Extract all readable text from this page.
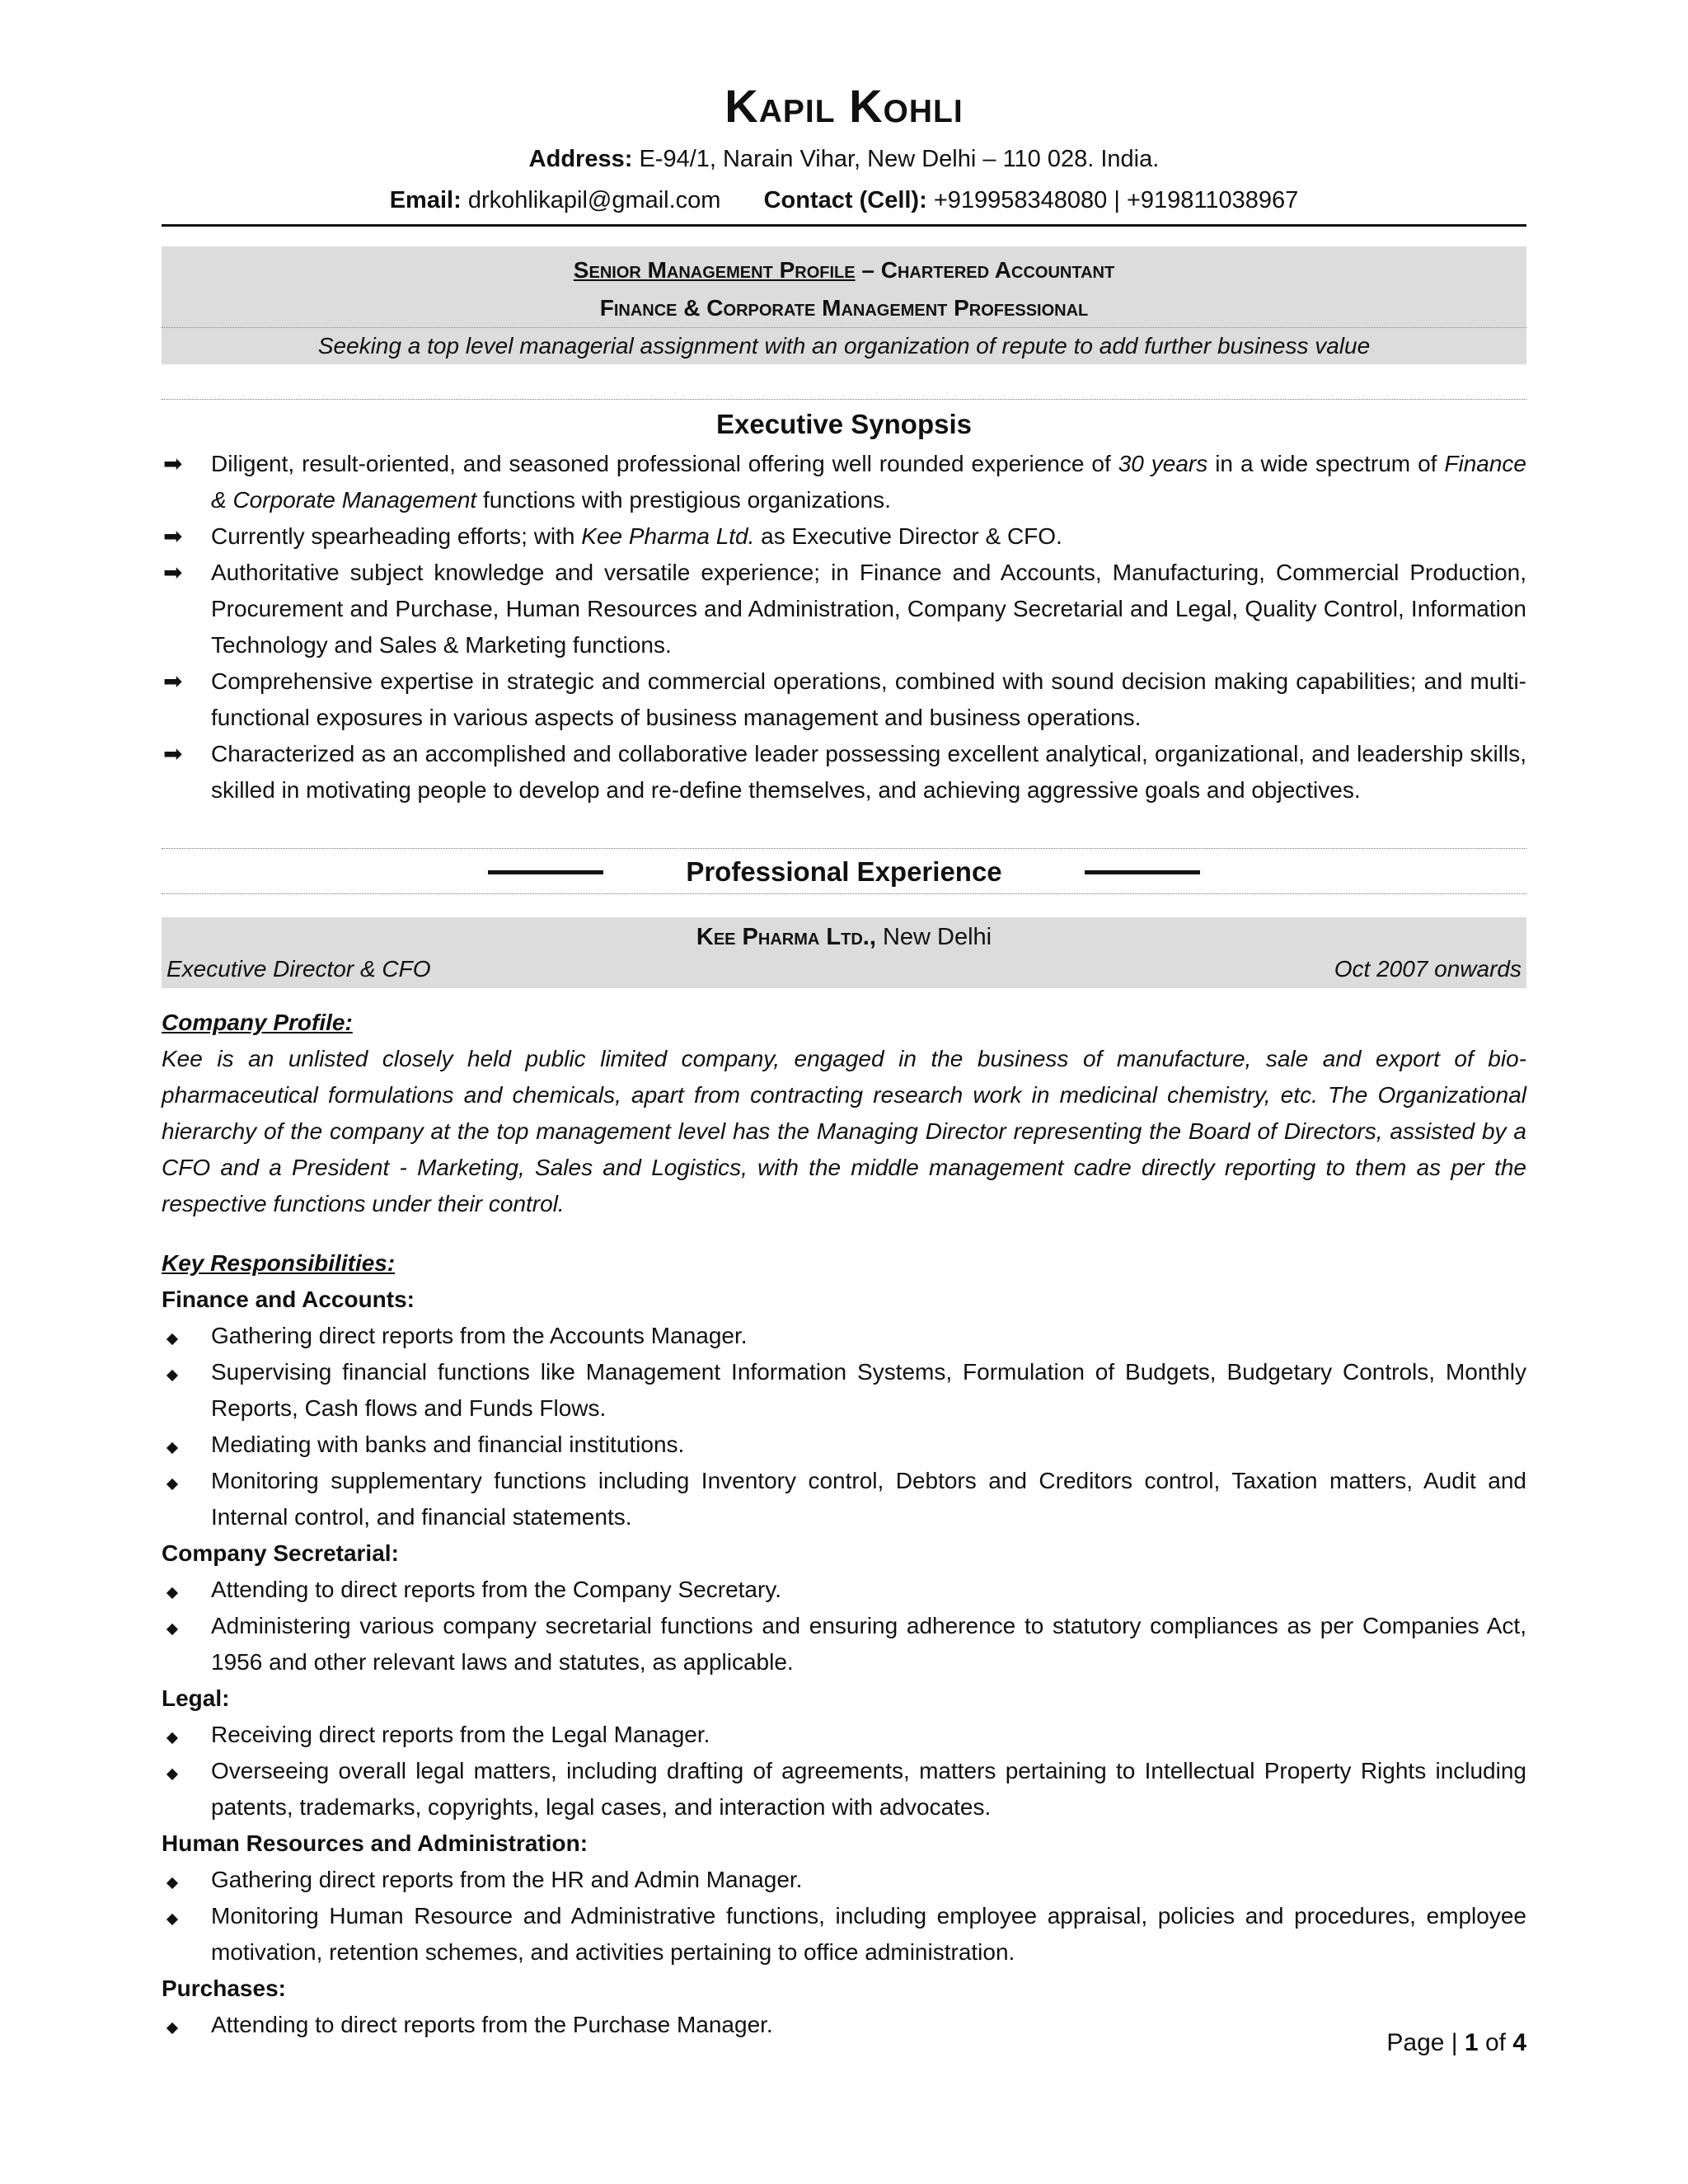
Kapil Kohli
Address: E-94/1, Narain Vihar, New Delhi – 110 028. India.
Email: drkohlikapil@gmail.com Contact (Cell): +919958348080 | +919811038967
Senior Management Profile – Chartered Accountant
Finance & Corporate Management Professional
Seeking a top level managerial assignment with an organization of repute to add further business value
Executive Synopsis
➡	Diligent, result-oriented, and seasoned professional offering well rounded experience of 30 years in a wide spectrum of Finance & Corporate Management functions with prestigious organizations.
➡	Currently spearheading efforts; with Kee Pharma Ltd. as Executive Director & CFO.
➡	Authoritative subject knowledge and versatile experience; in Finance and Accounts, Manufacturing, Commercial Production, Procurement and Purchase, Human Resources and Administration, Company Secretarial and Legal, Quality Control, Information Technology and Sales & Marketing functions.
➡	Comprehensive expertise in strategic and commercial operations, combined with sound decision making capabilities; and multi-functional exposures in various aspects of business management and business operations.
➡	Characterized as an accomplished and collaborative leader possessing excellent analytical, organizational, and leadership skills, skilled in motivating people to develop and re-define themselves, and achieving aggressive goals and objectives.
Professional Experience
Kee Pharma Ltd., New Delhi
Executive Director & CFO	Oct 2007 onwards
Company Profile:
Kee is an unlisted closely held public limited company, engaged in the business of manufacture, sale and export of bio-pharmaceutical formulations and chemicals, apart from contracting research work in medicinal chemistry, etc. The Organizational hierarchy of the company at the top management level has the Managing Director representing the Board of Directors, assisted by a CFO and a President - Marketing, Sales and Logistics, with the middle management cadre directly reporting to them as per the respective functions under their control.
Key Responsibilities:
Finance and Accounts:
Gathering direct reports from the Accounts Manager.
Supervising financial functions like Management Information Systems, Formulation of Budgets, Budgetary Controls, Monthly Reports, Cash flows and Funds Flows.
Mediating with banks and financial institutions.
Monitoring supplementary functions including Inventory control, Debtors and Creditors control, Taxation matters, Audit and Internal control, and financial statements.
Company Secretarial:
Attending to direct reports from the Company Secretary.
Administering various company secretarial functions and ensuring adherence to statutory compliances as per Companies Act, 1956 and other relevant laws and statutes, as applicable.
Legal:
Receiving direct reports from the Legal Manager.
Overseeing overall legal matters, including drafting of agreements, matters pertaining to Intellectual Property Rights including patents, trademarks, copyrights, legal cases, and interaction with advocates.
Human Resources and Administration:
Gathering direct reports from the HR and Admin Manager.
Monitoring Human Resource and Administrative functions, including employee appraisal, policies and procedures, employee motivation, retention schemes, and activities pertaining to office administration.
Purchases:
Attending to direct reports from the Purchase Manager.
Page | 1 of 4
